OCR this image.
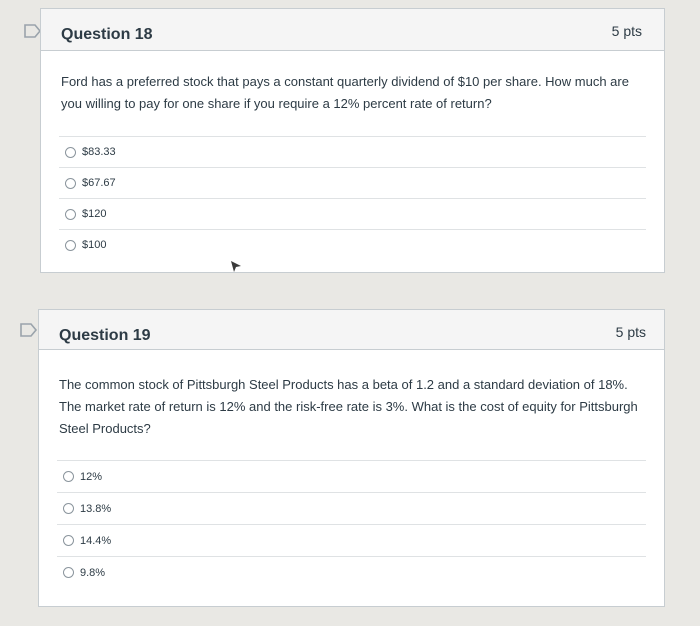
Question 18	5 pts
Ford has a preferred stock that pays a constant quarterly dividend of $10 per share. How much are you willing to pay for one share if you require a 12% percent rate of return?
$83.33
$67.67
$120
$100
Question 19	5 pts
The common stock of Pittsburgh Steel Products has a beta of 1.2 and a standard deviation of 18%. The market rate of return is 12% and the risk-free rate is 3%. What is the cost of equity for Pittsburgh Steel Products?
12%
13.8%
14.4%
9.8%
